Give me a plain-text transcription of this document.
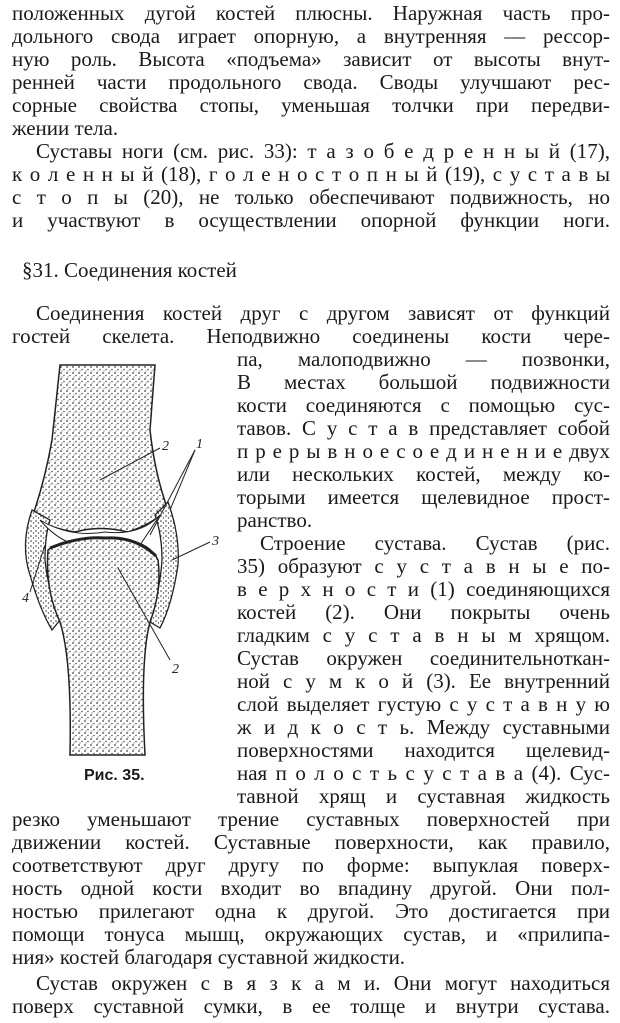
положенных дугой костей плюсны. Наружная часть про-

дольного свода играет опорную, а внутренняя — рессор-

ную роль. Высота «подъема» зависит от высоты внут-

ренней части продольного свода. Своды улучшают рес-

сорные свойства стопы, уменьшая толчки при передви-

жении тела.

Суставы ноги (см. рис. 33): т а з о б е д р е н н ы й (17),

к о л е н н ы й (18), г о л е н о с т о п н ы й (19), с у с т а в ы

с т о п ы (20), не только обеспечивают подвижность, но

и участвуют в осуществлении опорной функции ноги.

§31. Соединения костей

Соединения костей друг с другом зависят от функций

гостей скелета. Неподвижно соединены кости чере-

па, малоподвижно — позвонки,

В местах большой подвижности

кости соединяются с помощью сус-

тавов. С у с т а в представляет собой

п р е р ы в н о е с о е д и н е н и е двух

или нескольких костей, между ко-

торыми имеется щелевидное прост-

ранство.

Строение сустава. Сустав (рис.

35) образуют с у с т а в н ы е по-

в е р х н о с т и (1) соединяющихся

костей (2). Они покрыты очень

гладким с у с т а в н ы м хрящом.

Сустав окружен соединительноткан-

ной с у м к о й (3). Ее внутренний

слой выделяет густую с у с т а в н у ю

ж и д к о с т ь. Между суставными

поверхностями находится щелевид-

ная п о л о с т ь с у с т а в а (4). Сус-

тавной хрящ и суставная жидкость

2 1
3
4
2

Рис. 35.

резко уменьшают трение суставных поверхностей при

движении костей. Суставные поверхности, как правило,

соответствуют друг другу по форме: выпуклая поверх-

ность одной кости входит во впадину другой. Они пол-

ностью прилегают одна к другой. Это достигается при

помощи тонуса мышц, окружающих сустав, и «прилипа-

ния» костей благодаря суставной жидкости.

Сустав окружен с в я з к а м и. Они могут находиться

поверх суставной сумки, в ее толще и внутри сустава.
